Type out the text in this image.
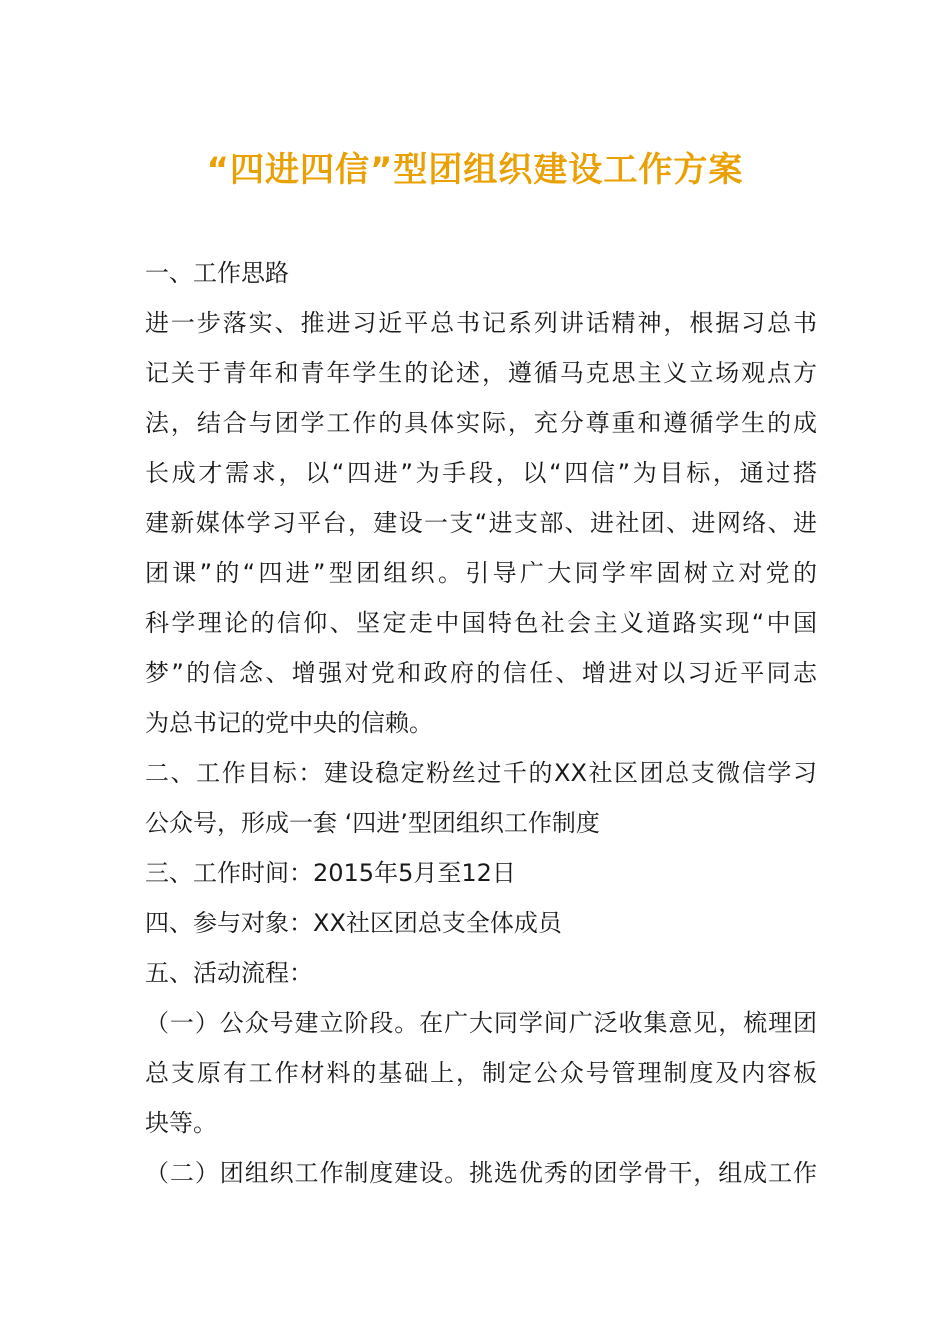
“四进四信”型团组织建设工作方案
一、工作思路
进一步落实、推进习近平总书记系列讲话精神，根据习总书
记关于青年和青年学生的论述，遵循马克思主义立场观点方
法，结合与团学工作的具体实际，充分尊重和遵循学生的成
长成才需求，以“四进”为手段，以“四信”为目标，通过搭
建新媒体学习平台，建设一支“进支部、进社团、进网络、进
团课”的“四进”型团组织。引导广大同学牢固树立对党的
科学理论的信仰、坚定走中国特色社会主义道路实现“中国
梦”的信念、增强对党和政府的信任、增进对以习近平同志
为总书记的党中央的信赖。
二、工作目标：建设稳定粉丝过千的XX社区团总支微信学习
公众号，形成一套 ‘四进’型团组织工作制度
三、工作时间：2015年5月至12日
四、参与对象：XX社区团总支全体成员
五、活动流程：
（一）公众号建立阶段。在广大同学间广泛收集意见，梳理团
总支原有工作材料的基础上，制定公众号管理制度及内容板
块等。
（二）团组织工作制度建设。挑选优秀的团学骨干，组成工作
